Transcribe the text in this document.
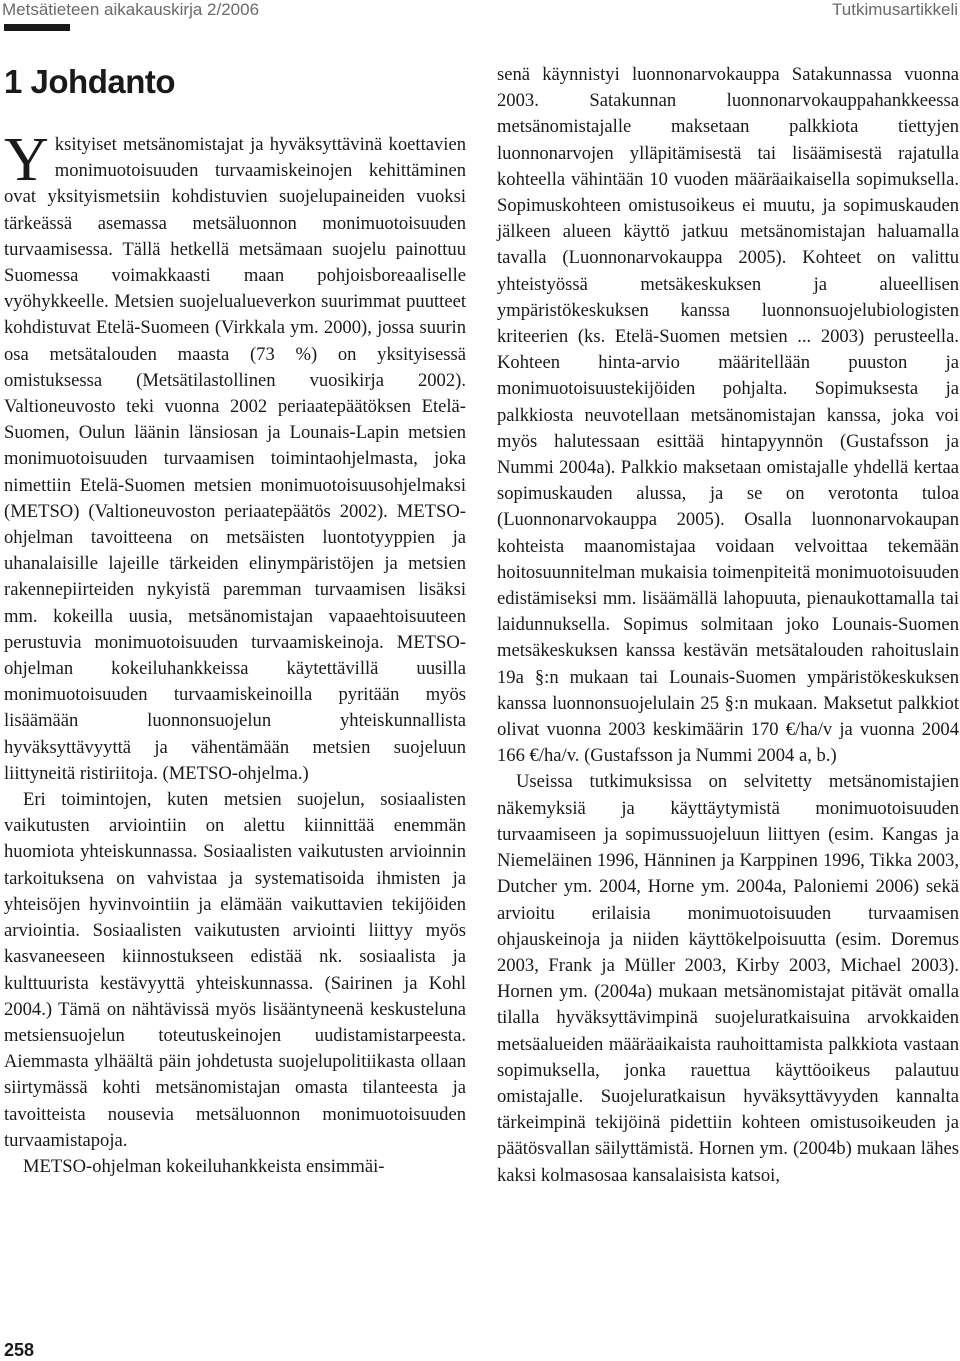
Metsätieteen aikakauskirja 2/2006	Tutkimusartikkeli
1 Johdanto

Yksityiset metsänomistajat ja hyväksyttävinä koettavien monimuotoisuuden turvaamiskeinojen kehittäminen ovat yksityismetsiin kohdistuvien suojelupaineiden vuoksi tärkeässä asemassa metsäluonnon monimuotoisuuden turvaamisessa. Tällä hetkellä metsämaan suojelu painottuu Suomessa voimakkaasti maan pohjoisboreaaliselle vyöhykkeelle. Metsien suojelualueverkon suurimmat puutteet kohdistuvat Etelä-Suomeen (Virkkala ym. 2000), jossa suurin osa metsätalouden maasta (73 %) on yksityisessä omistuksessa (Metsätilastollinen vuosikirja 2002). Valtioneuvosto teki vuonna 2002 periaatepäätöksen Etelä-Suomen, Oulun läänin länsiosan ja Lounais-Lapin metsien monimuotoisuuden turvaamisen toimintaohjelmasta, joka nimettiin Etelä-Suomen metsien monimuotoisuusohjelmaksi (METSO) (Valtioneuvoston periaatepäätös 2002). METSO-ohjelman tavoitteena on metsäisten luontotyyppien ja uhanalaisille lajeille tärkeiden elinympäristöjen ja metsien rakennepiirteiden nykyistä paremman turvaamisen lisäksi mm. kokeilla uusia, metsänomistajan vapaaehtoisuuteen perustuvia monimuotoisuuden turvaamiskeinoja. METSO-ohjelman kokeiluhankkeissa käytettävillä uusilla monimuotoisuuden turvaamiskeinoilla pyritään myös lisäämään luonnonsuojelun yhteiskunnallista hyväksyttävyyttä ja vähentämään metsien suojeluun liittyneitä ristiriitoja. (METSO-ohjelma.)

Eri toimintojen, kuten metsien suojelun, sosiaalisten vaikutusten arviointiin on alettu kiinnittää enemmän huomiota yhteiskunnassa. Sosiaalisten vaikutusten arvioinnin tarkoituksena on vahvistaa ja systematisoida ihmisten ja yhteisöjen hyvinvointiin ja elämään vaikuttavien tekijöiden arviointia. Sosiaalisten vaikutusten arviointi liittyy myös kasvaneeseen kiinnostukseen edistää nk. sosiaalista ja kulttuurista kestävyyttä yhteiskunnassa. (Sairinen ja Kohl 2004.) Tämä on nähtävissä myös lisääntyneenä keskusteluna metsiensuojelun toteutuskeinojen uudistamistarpeesta. Aiemmasta ylhäältä päin johdetusta suojelupolitiikasta ollaan siirtymässä kohti metsänomistajan omasta tilanteesta ja tavoitteista nousevia metsäluonnon monimuotoisuuden turvaamistapoja.

METSO-ohjelman kokeiluhankkeista ensimmäi-

senä käynnistyi luonnonarvokauppa Satakunnassa vuonna 2003. Satakunnan luonnonarvokauppahankkeessa metsänomistajalle maksetaan palkkiota tiettyjen luonnonarvojen ylläpitämisestä tai lisäämisestä rajatulla kohteella vähintään 10 vuoden määräaikaisella sopimuksella. Sopimuskohteen omistusoikeus ei muutu, ja sopimuskauden jälkeen alueen käyttö jatkuu metsänomistajan haluamalla tavalla (Luonnonarvokauppa 2005). Kohteet on valittu yhteistyössä metsäkeskuksen ja alueellisen ympäristökeskuksen kanssa luonnonsuojelubiologisten kriteerien (ks. Etelä-Suomen metsien ... 2003) perusteella. Kohteen hinta-arvio määritellään puuston ja monimuotoisuustekijöiden pohjalta. Sopimuksesta ja palkkiosta neuvotellaan metsänomistajan kanssa, joka voi myös halutessaan esittää hintapyynnön (Gustafsson ja Nummi 2004a). Palkkio maksetaan omistajalle yhdellä kertaa sopimuskauden alussa, ja se on verotonta tuloa (Luonnonarvokauppa 2005). Osalla luonnonarvokaupan kohteista maanomistajaa voidaan velvoittaa tekemään hoitosuunnitelman mukaisia toimenpiteitä monimuotoisuuden edistämiseksi mm. lisäämällä lahopuuta, pienaukottamalla tai laidunnuksella. Sopimus solmitaan joko Lounais-Suomen metsäkeskuksen kanssa kestävän metsätalouden rahoituslain 19a §:n mukaan tai Lounais-Suomen ympäristökeskuksen kanssa luonnonsuojelulain 25 §:n mukaan. Maksetut palkkiot olivat vuonna 2003 keskimäärin 170 €/ha/v ja vuonna 2004 166 €/ha/v. (Gustafsson ja Nummi 2004 a, b.)

Useissa tutkimuksissa on selvitetty metsänomistajien näkemyksiä ja käyttäytymistä monimuotoisuuden turvaamiseen ja sopimussuojeluun liittyen (esim. Kangas ja Niemeläinen 1996, Hänninen ja Karppinen 1996, Tikka 2003, Dutcher ym. 2004, Horne ym. 2004a, Paloniemi 2006) sekä arvioitu erilaisia monimuotoisuuden turvaamisen ohjauskeinoja ja niiden käyttökelpoisuutta (esim. Doremus 2003, Frank ja Müller 2003, Kirby 2003, Michael 2003). Hornen ym. (2004a) mukaan metsänomistajat pitävät omalla tilalla hyväksyttävimpinä suojeluratkaisuina arvokkaiden metsäalueiden määräaikaista rauhoittamista palkkiota vastaan sopimuksella, jonka rauettua käyttöoikeus palautuu omistajalle. Suojeluratkaisun hyväksyttävyyden kannalta tärkeimpinä tekijöinä pidettiin kohteen omistusoikeuden ja päätösvallan säilyttämistä. Hornen ym. (2004b) mukaan lähes kaksi kolmasosaa kansalaisista katsoi,

258
